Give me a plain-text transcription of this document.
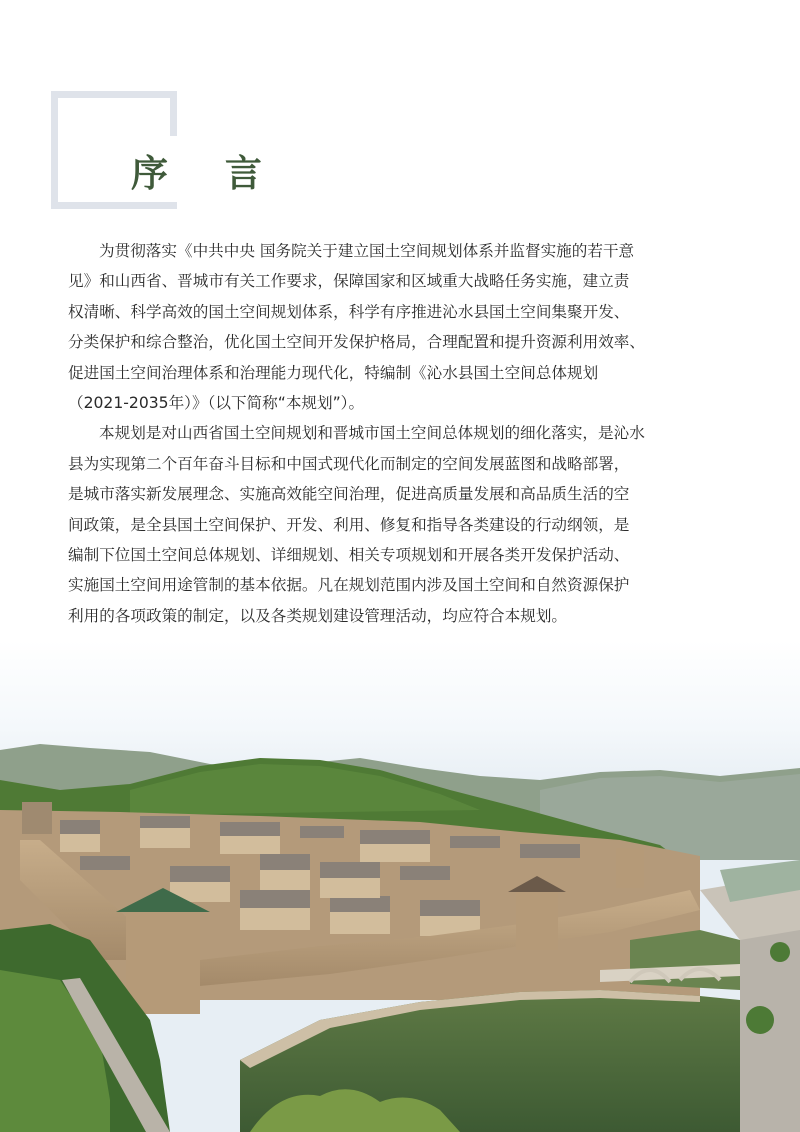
序 言

为贯彻落实《中共中央 国务院关于建立国土空间规划体系并监督实施的若干意
见》和山西省、晋城市有关工作要求，保障国家和区域重大战略任务实施，建立责
权清晰、科学高效的国土空间规划体系，科学有序推进沁水县国土空间集聚开发、
分类保护和综合整治，优化国土空间开发保护格局，合理配置和提升资源利用效率、
促进国土空间治理体系和治理能力现代化，特编制《沁水县国土空间总体规划
（2021-2035年）》（以下简称“本规划”）。

本规划是对山西省国土空间规划和晋城市国土空间总体规划的细化落实，是沁水
县为实现第二个百年奋斗目标和中国式现代化而制定的空间发展蓝图和战略部署，
是城市落实新发展理念、实施高效能空间治理，促进高质量发展和高品质生活的空
间政策，是全县国土空间保护、开发、利用、修复和指导各类建设的行动纲领，是
编制下位国土空间总体规划、详细规划、相关专项规划和开展各类开发保护活动、
实施国土空间用途管制的基本依据。凡在规划范围内涉及国土空间和自然资源保护
利用的各项政策的制定，以及各类规划建设管理活动，均应符合本规划。
